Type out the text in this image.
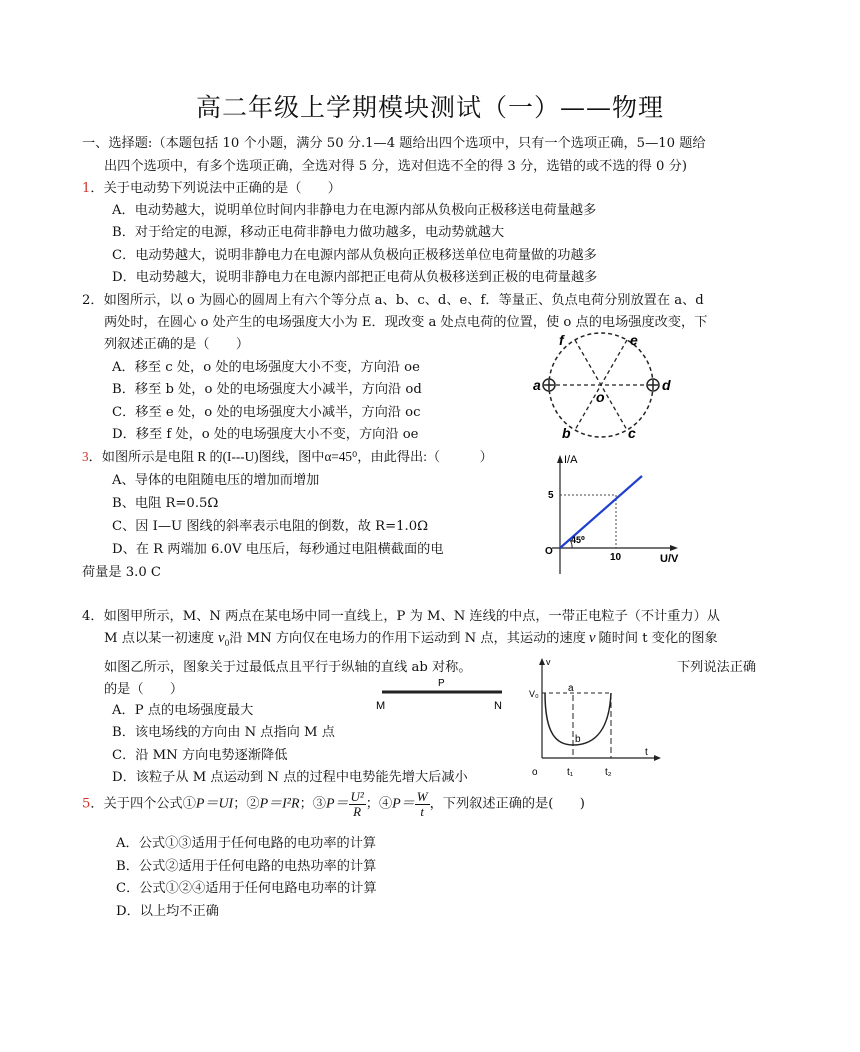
高二年级上学期模块测试（一）——物理
一、选择题:（本题包括 10 个小题，满分 50 分.1—4 题给出四个选项中，只有一个选项正确，5—10 题给
出四个选项中，有多个选项正确，全选对得 5 分，选对但选不全的得 3 分，选错的或不选的得 0 分)
1．关于电动势下列说法中正确的是（　　）
A．电动势越大，说明单位时间内非静电力在电源内部从负极向正极移送电荷量越多
B．对于给定的电源，移动正电荷非静电力做功越多，电动势就越大
C．电动势越大，说明非静电力在电源内部从负极向正极移送单位电荷量做的功越多
D．电动势越大，说明非静电力在电源内部把正电荷从负极移送到正极的电荷量越多
2．如图所示，以 o 为圆心的圆周上有六个等分点 a、b、c、d、e、f．等量正、负点电荷分别放置在 a、d
两处时，在圆心 o 处产生的电场强度大小为 E．现改变 a 处点电荷的位置，使 o 点的电场强度改变，下
列叙述正确的是（　　）
A．移至 c 处，o 处的电场强度大小不变，方向沿 oe
B．移至 b 处，o 处的电场强度大小减半，方向沿 od
C．移至 e 处，o 处的电场强度大小减半，方向沿 oc
D．移至 f 处，o 处的电场强度大小不变，方向沿 oe
a	d
f	e
b	c
o
3．如图所示是电阻 R 的(I---U)图线，图中α=45⁰，由此得出:（　　　）
A、导体的电阻随电压的增加而增加
B、电阻 R=0.5Ω
C、因 I—U 图线的斜率表示电阻的倒数，故 R=1.0Ω
D、在 R 两端加 6.0V 电压后，每秒通过电阻横截面的电
荷量是 3.0 C
I/A
U/V
O
5
10
45⁰
4．如图甲所示，M、N 两点在某电场中同一直线上，P 为 M、N 连线的中点，一带正电粒子（不计重力）从
M 点以某一初速度 $v_0$沿 MN 方向仅在电场力的作用下运动到 N 点，其运动的速度 v 随时间 t 变化的图象
如图乙所示，图象关于过最低点且平行于纵轴的直线 ab 对称。	下列说法正确
的是（　　）
A．P 点的电场强度最大
B．该电场线的方向由 N 点指向 M 点
C．沿 MN 方向电势逐渐降低
D．该粒子从 M 点运动到 N 点的过程中电势能先增大后减小
M
P
N
v
V₀	a
b
t
o	t₁	t₂
5．关于四个公式①P＝UI；②P＝I²R；③P＝ $\frac{\text{U²}}{R}$ ；④P＝ $\frac{W}{t}$ ，下列叙述正确的是(　　)
A．公式①③适用于任何电路的电功率的计算
B．公式②适用于任何电路的电热功率的计算
C．公式①②④适用于任何电路电功率的计算
D．以上均不正确
